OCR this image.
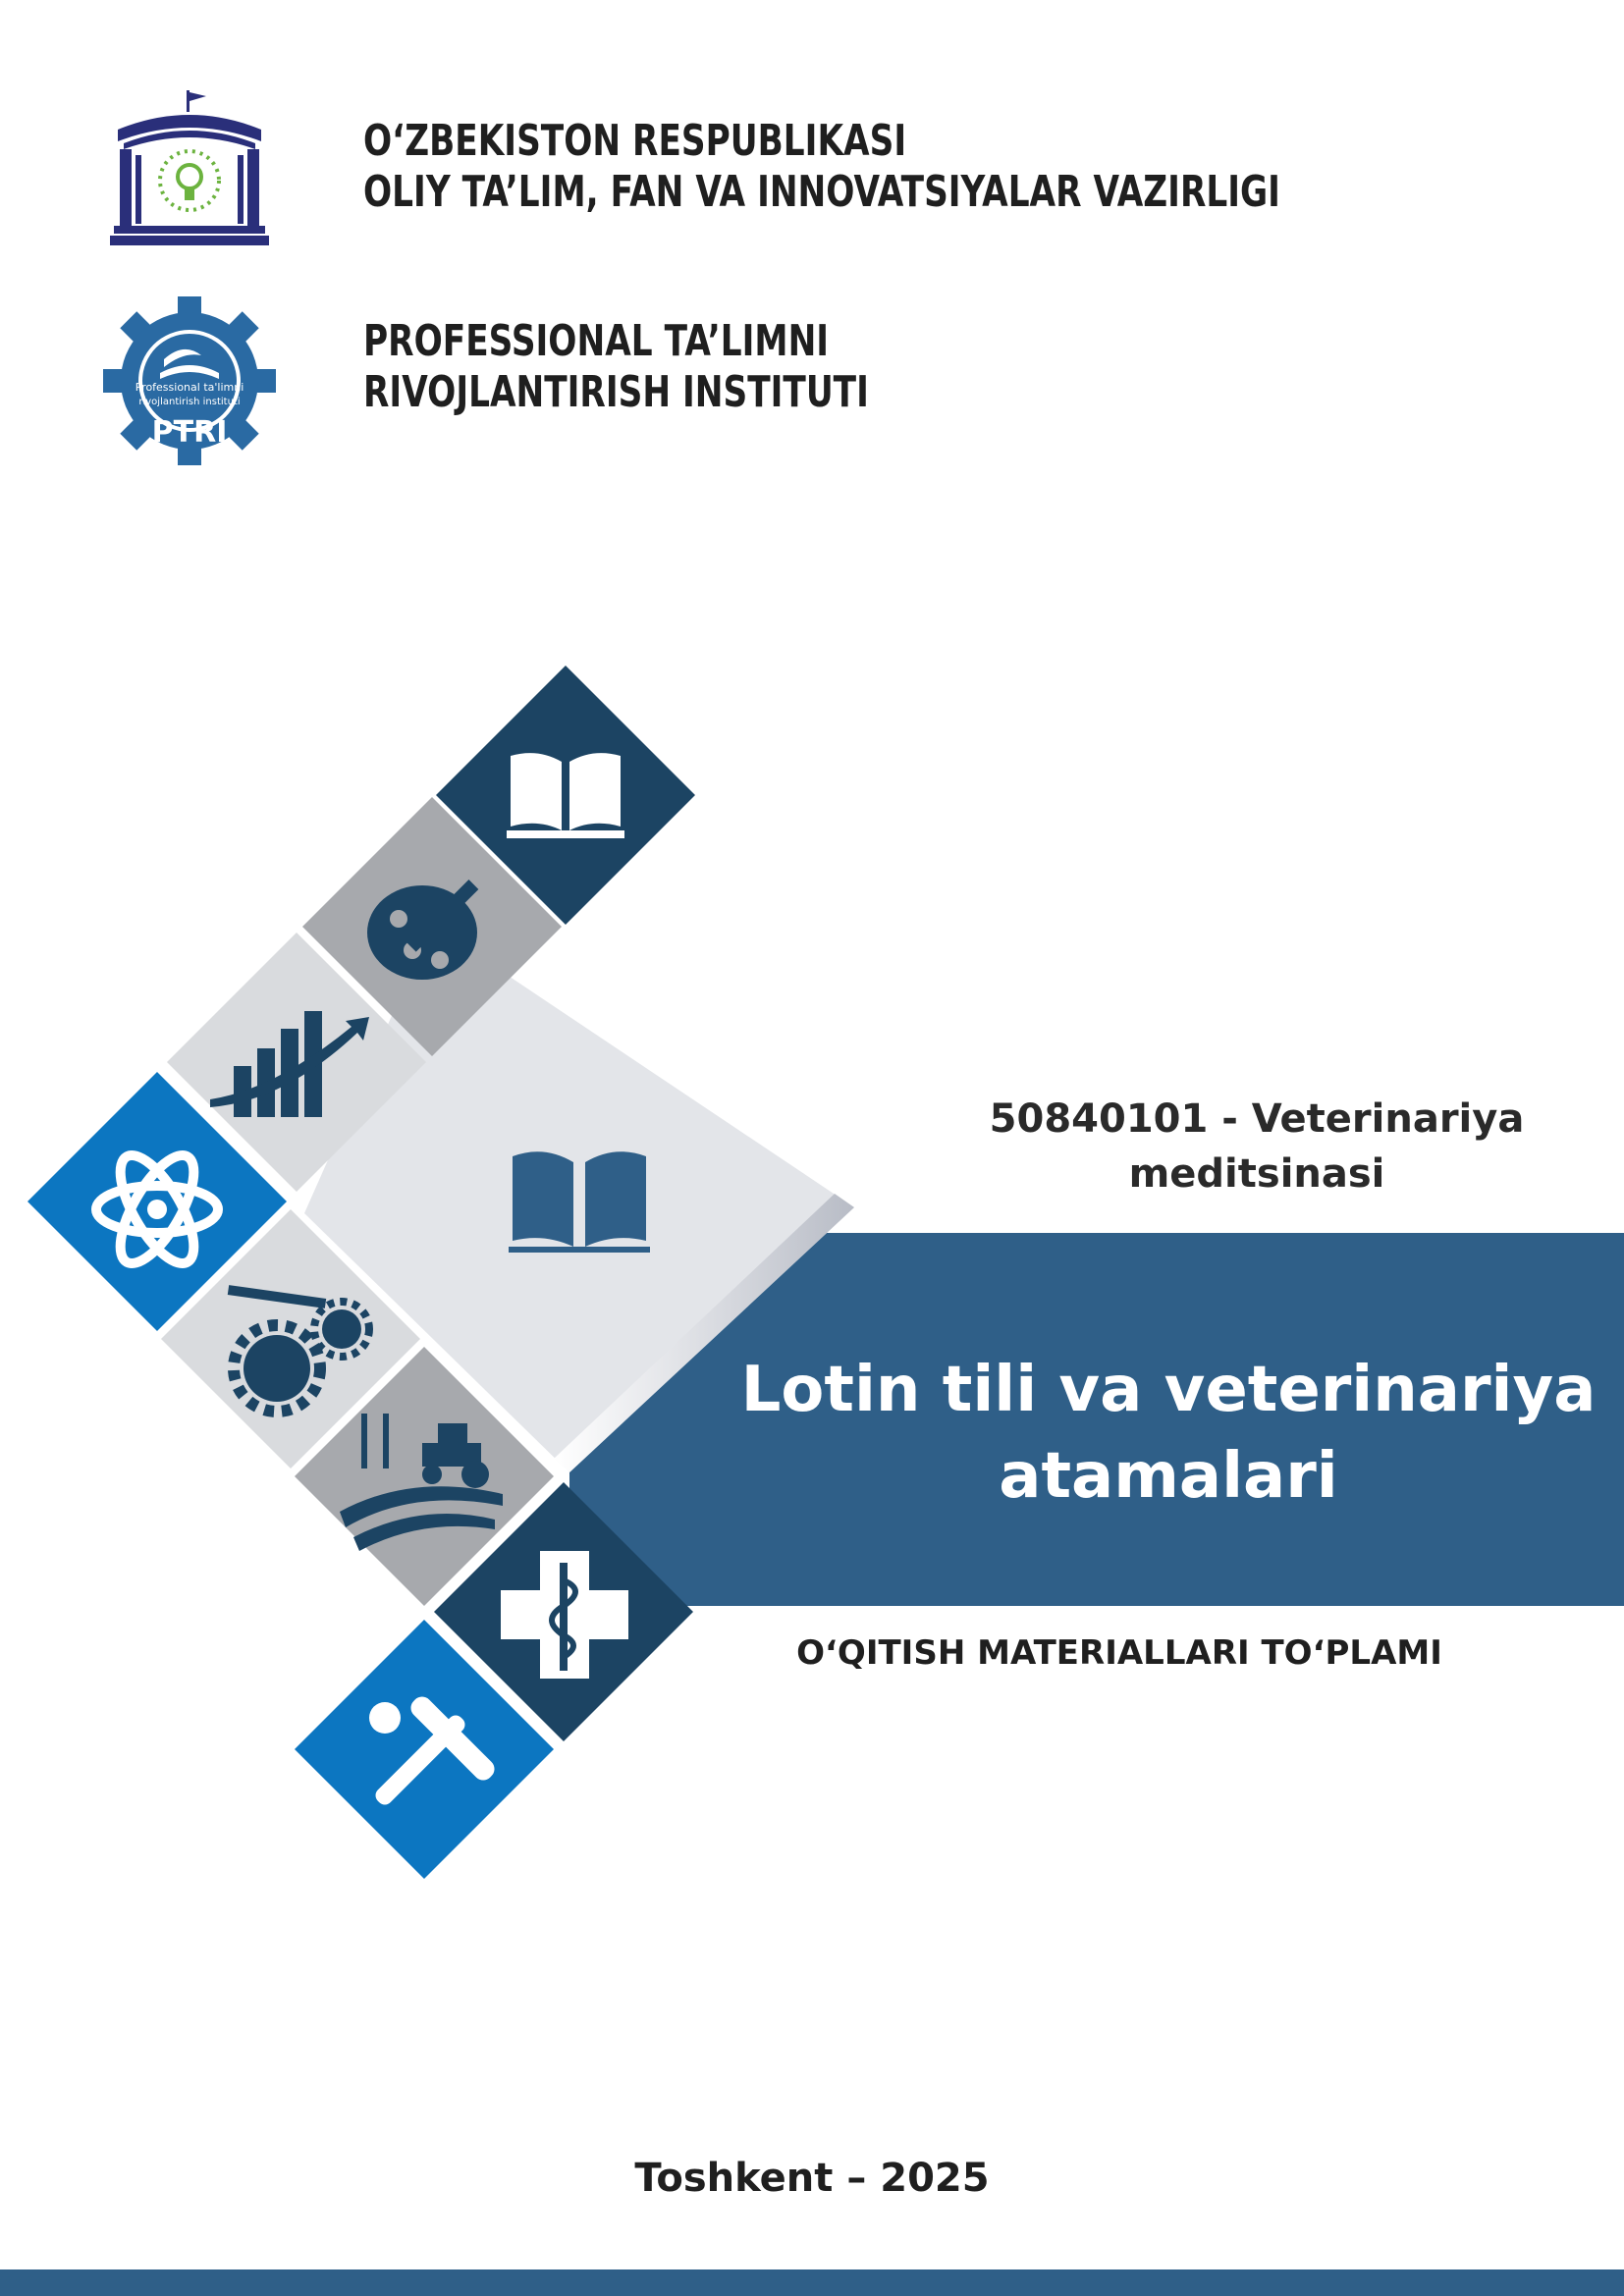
Professional ta'limni
rivojlantirish instituti
PTRI
O‘ZBEKISTON RESPUBLIKASI
OLIY TA’LIM, FAN VA INNOVATSIYALAR VAZIRLIGI
PROFESSIONAL TA’LIMNI
RIVOJLANTIRISH INSTITUTI
50840101 - Veterinariya
meditsinasi
Lotin tili va veterinariya
atamalari
O‘QITISH MATERIALLARI TO‘PLAMI
Toshkent – 2025
